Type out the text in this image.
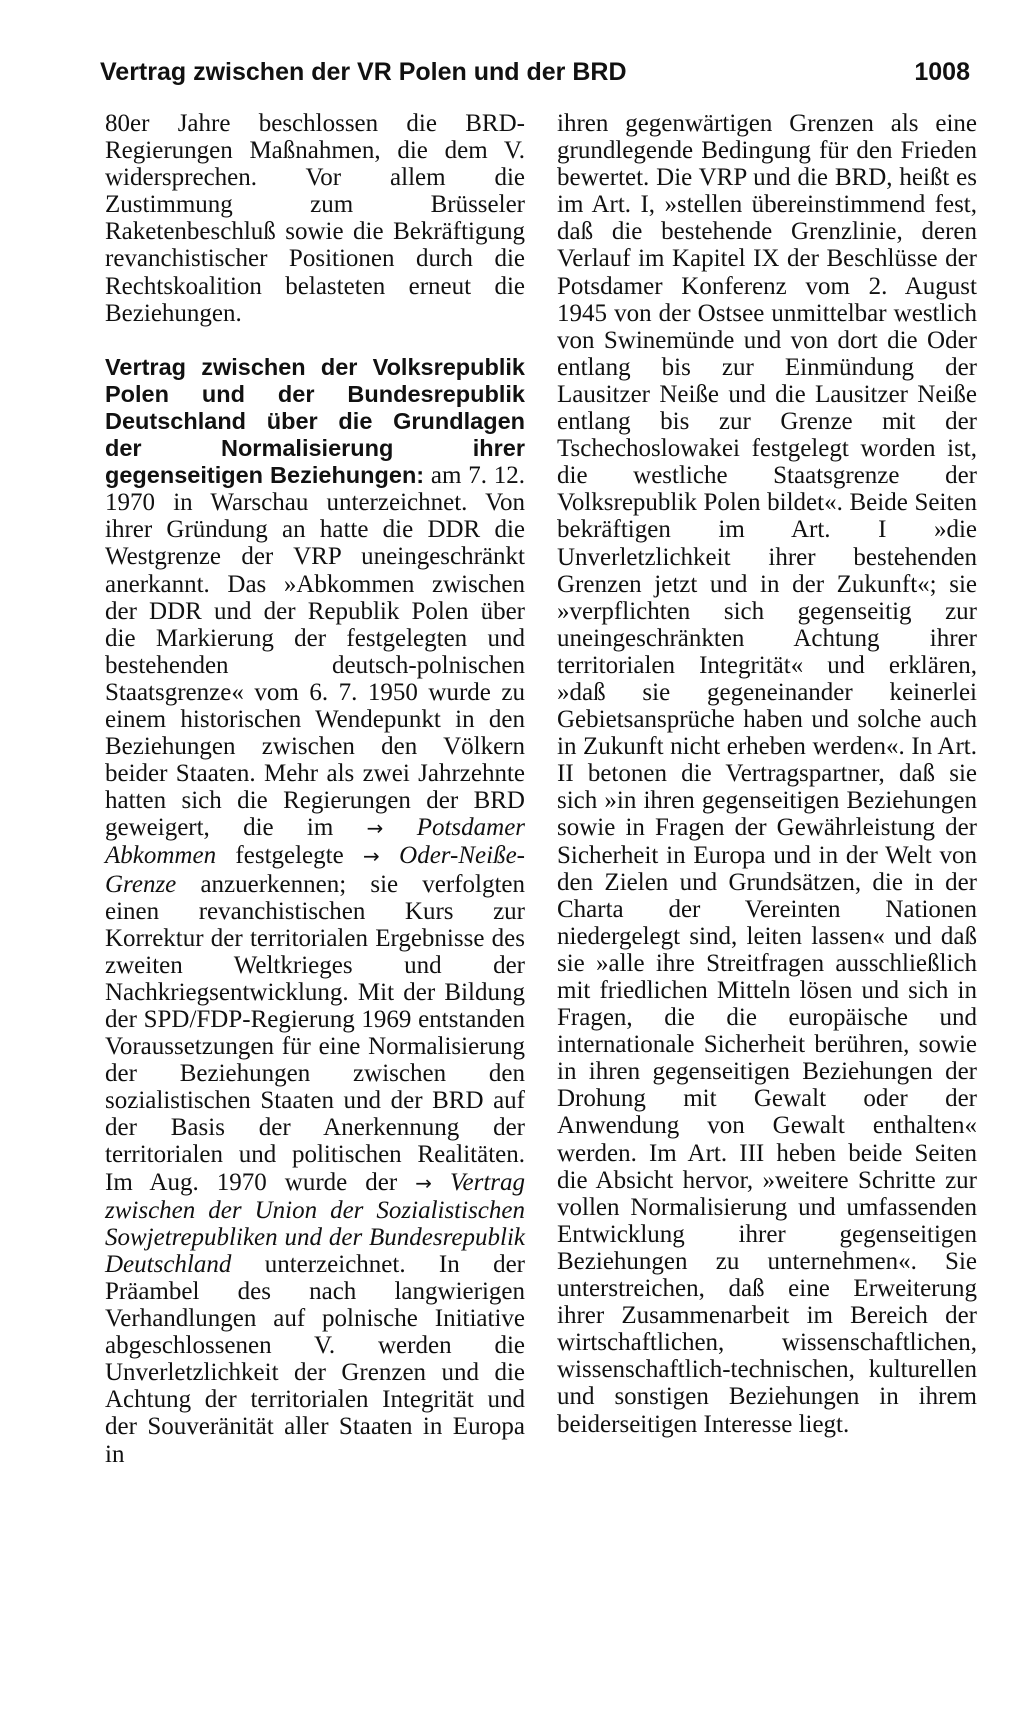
Vertrag zwischen der VR Polen und der BRD	1008

80er Jahre beschlossen die BRD-Regierungen Maßnahmen, die dem V. widersprechen. Vor allem die Zustimmung zum Brüsseler Raketenbeschluß sowie die Bekräftigung revanchistischer Positionen durch die Rechtskoalition belasteten erneut die Beziehungen.

Vertrag zwischen der Volksrepublik Polen und der Bundesrepublik Deutschland über die Grundlagen der Normalisierung ihrer gegenseitigen Beziehungen: am 7. 12. 1970 in Warschau unterzeichnet. Von ihrer Gründung an hatte die DDR die Westgrenze der VRP uneingeschränkt anerkannt. Das »Abkommen zwischen der DDR und der Republik Polen über die Markierung der festgelegten und bestehenden deutsch-polnischen Staatsgrenze« vom 6. 7. 1950 wurde zu einem historischen Wendepunkt in den Beziehungen zwischen den Völkern beider Staaten. Mehr als zwei Jahrzehnte hatten sich die Regierungen der BRD geweigert, die im → Potsdamer Abkommen festgelegte → Oder-Neiße-Grenze anzuerkennen; sie verfolgten einen revanchistischen Kurs zur Korrektur der territorialen Ergebnisse des zweiten Weltkrieges und der Nachkriegsentwicklung. Mit der Bildung der SPD/FDP-Regierung 1969 entstanden Voraussetzungen für eine Normalisierung der Beziehungen zwischen den sozialistischen Staaten und der BRD auf der Basis der Anerkennung der territorialen und politischen Realitäten. Im Aug. 1970 wurde der → Vertrag zwischen der Union der Sozialistischen Sowjetrepubliken und der Bundesrepublik Deutschland unterzeichnet. In der Präambel des nach langwierigen Verhandlungen auf polnische Initiative abgeschlossenen V. werden die Unverletzlichkeit der Grenzen und die Achtung der territorialen Integrität und der Souveränität aller Staaten in Europa in

ihren gegenwärtigen Grenzen als eine grundlegende Bedingung für den Frieden bewertet. Die VRP und die BRD, heißt es im Art. I, »stellen übereinstimmend fest, daß die bestehende Grenzlinie, deren Verlauf im Kapitel IX der Beschlüsse der Potsdamer Konferenz vom 2. August 1945 von der Ostsee unmittelbar westlich von Swinemünde und von dort die Oder entlang bis zur Einmündung der Lausitzer Neiße und die Lausitzer Neiße entlang bis zur Grenze mit der Tschechoslowakei festgelegt worden ist, die westliche Staatsgrenze der Volksrepublik Polen bildet«. Beide Seiten bekräftigen im Art. I »die Unverletzlichkeit ihrer bestehenden Grenzen jetzt und in der Zukunft«; sie »verpflichten sich gegenseitig zur uneingeschränkten Achtung ihrer territorialen Integrität« und erklären, »daß sie gegeneinander keinerlei Gebietsansprüche haben und solche auch in Zukunft nicht erheben werden«. In Art. II betonen die Vertragspartner, daß sie sich »in ihren gegenseitigen Beziehungen sowie in Fragen der Gewährleistung der Sicherheit in Europa und in der Welt von den Zielen und Grundsätzen, die in der Charta der Vereinten Nationen niedergelegt sind, leiten lassen« und daß sie »alle ihre Streitfragen ausschließlich mit friedlichen Mitteln lösen und sich in Fragen, die die europäische und internationale Sicherheit berühren, sowie in ihren gegenseitigen Beziehungen der Drohung mit Gewalt oder der Anwendung von Gewalt enthalten« werden. Im Art. III heben beide Seiten die Absicht hervor, »weitere Schritte zur vollen Normalisierung und umfassenden Entwicklung ihrer gegenseitigen Beziehungen zu unternehmen«. Sie unterstreichen, daß eine Erweiterung ihrer Zusammenarbeit im Bereich der wirtschaftlichen, wissenschaftlichen, wissenschaftlich-technischen, kulturellen und sonstigen Beziehungen in ihrem beiderseitigen Interesse liegt.
